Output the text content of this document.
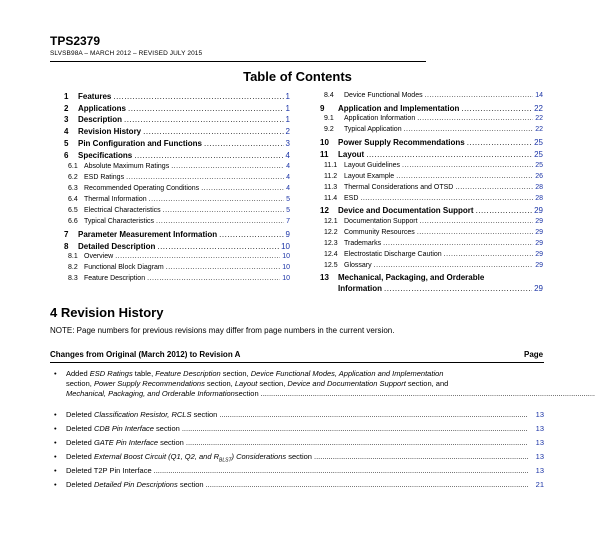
TPS2379
SLVSB98A – MARCH 2012 – REVISED JULY 2015
Table of Contents
1	Features .....	1
2	Applications .....	1
3	Description .....	1
4	Revision History .....	2
5	Pin Configuration and Functions .....	3
6	Specifications .....	4
6.1 Absolute Maximum Ratings .....	4
6.2 ESD Ratings .....	4
6.3 Recommended Operating Conditions .....	4
6.4 Thermal Information .....	5
6.5 Electrical Characteristics .....	5
6.6 Typical Characteristics .....	7
7	Parameter Measurement Information .....	9
8	Detailed Description .....	10
8.1 Overview .....	10
8.2 Functional Block Diagram .....	10
8.3 Feature Description .....	10
8.4	Device Functional Modes .....	14
9	Application and Implementation .....	22
9.1	Application Information .....	22
9.2	Typical Application .....	22
10	Power Supply Recommendations .....	25
11	Layout .....	25
11.1 Layout Guidelines .....	25
11.2 Layout Example .....	26
11.3 Thermal Considerations and OTSD .....	28
11.4 ESD .....	28
12	Device and Documentation Support .....	29
12.1 Documentation Support .....	29
12.2 Community Resources .....	29
12.3 Trademarks .....	29
12.4 Electrostatic Discharge Caution .....	29
12.5 Glossary .....	29
13	Mechanical, Packaging, and Orderable
Information .....	29
4 Revision History
NOTE: Page numbers for previous revisions may differ from page numbers in the current version.
Changes from Original (March 2012) to Revision A	Page
•	Added ESD Ratings table, Feature Description section, Device Functional Modes, Application and Implementation
section, Power Supply Recommendations section, Layout section, Device and Documentation Support section, and

Mechanical, Packaging, and Orderable Information section
.....
•	Deleted Classification Resistor, RCLS section .....	13
•	Deleted CDB Pin Interface section .....	13
•	Deleted GATE Pin Interface section .....	13
•	Deleted External Boost Circuit (Q1, Q2, and $R_{BLST}$) Considerations section .....	13
•	Deleted T2P Pin Interface .....	13
•	Deleted Detailed Pin Descriptions section .....	21
